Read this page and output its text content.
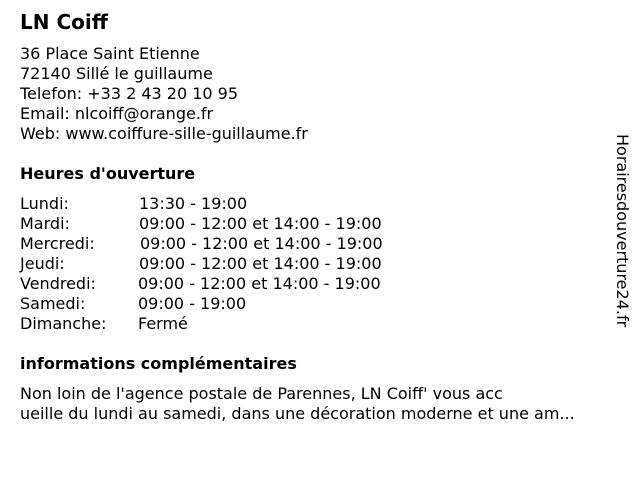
LN Coiff
36 Place Saint Etienne
72140 Sillé le guillaume
Telefon: +33 2 43 20 10 95
Email: nlcoiff@orange.fr
Web: www.coiffure-sille-guillaume.fr
Heures d'ouverture
Lundi:	13:30 - 19:00
Mardi:	09:00 - 12:00 et 14:00 - 19:00
Mercredi:	09:00 - 12:00 et 14:00 - 19:00
Jeudi:	09:00 - 12:00 et 14:00 - 19:00
Vendredi:	09:00 - 12:00 et 14:00 - 19:00
Samedi:	09:00 - 19:00
Dimanche: Fermé
informations complémentaires
Non loin de l'agence postale de Parennes, LN Coiff' vous acc
ueille du lundi au samedi, dans une décoration moderne et une am...
Horairesdouverture24.fr
